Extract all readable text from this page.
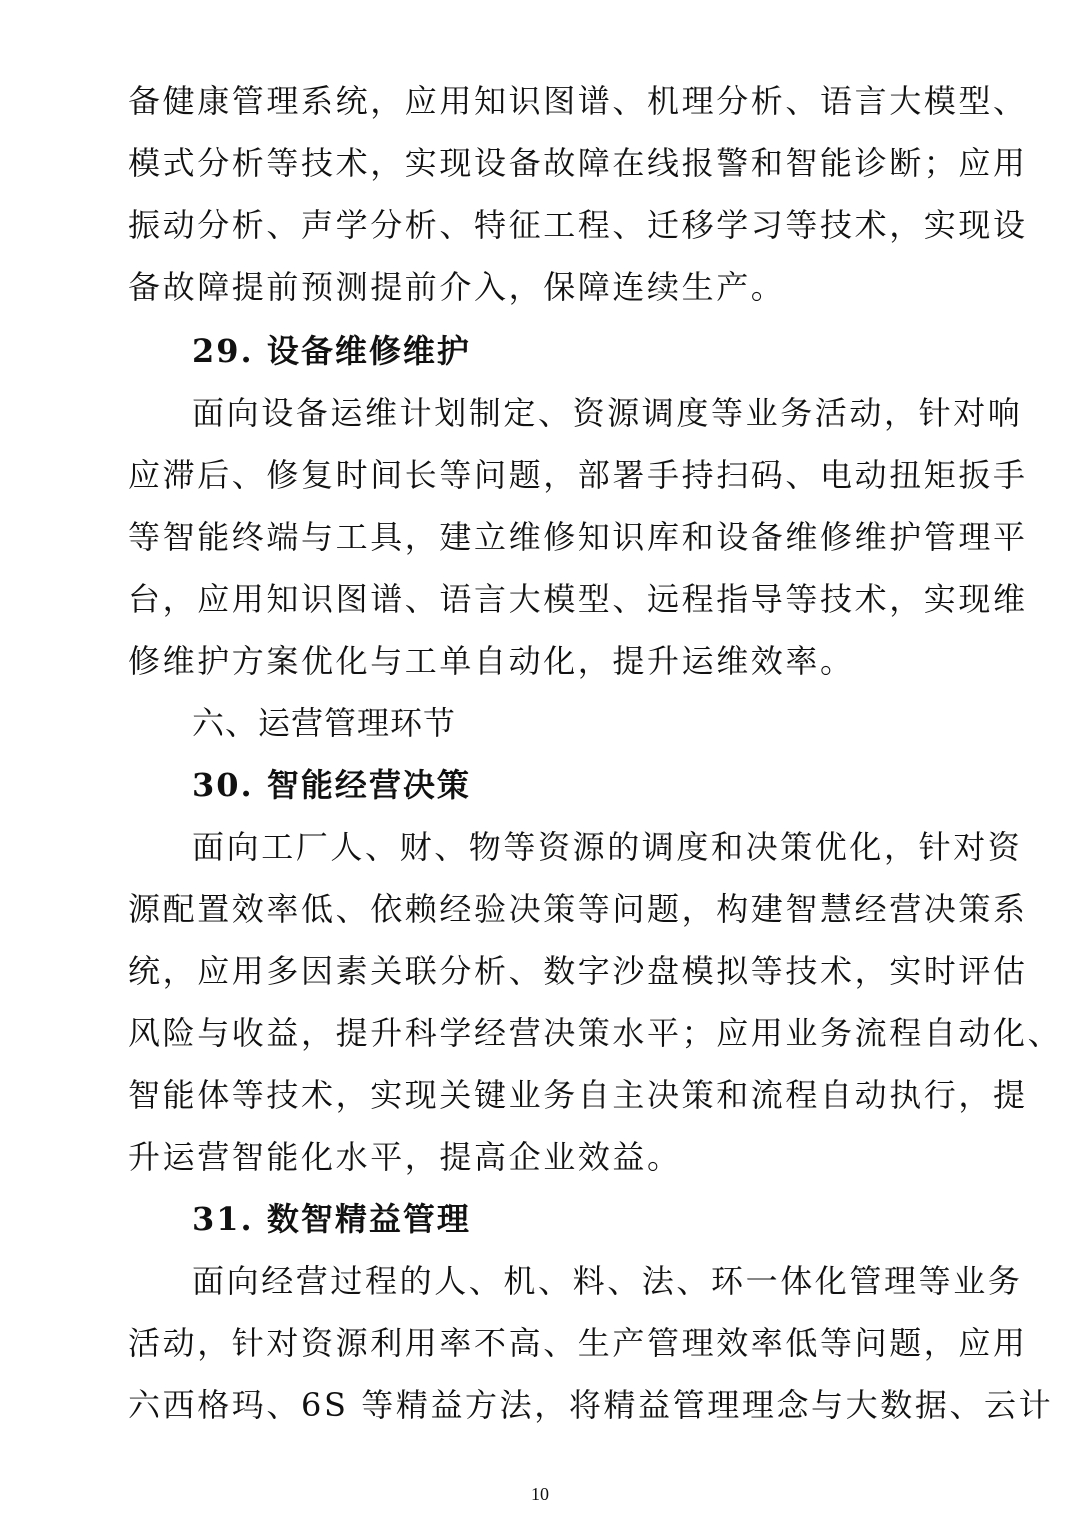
备健康管理系统，应用知识图谱、机理分析、语言大模型、
模式分析等技术，实现设备故障在线报警和智能诊断；应用
振动分析、声学分析、特征工程、迁移学习等技术，实现设
备故障提前预测提前介入，保障连续生产。
29. 设备维修维护
面向设备运维计划制定、资源调度等业务活动，针对响
应滞后、修复时间长等问题，部署手持扫码、电动扭矩扳手
等智能终端与工具，建立维修知识库和设备维修维护管理平
台，应用知识图谱、语言大模型、远程指导等技术，实现维
修维护方案优化与工单自动化，提升运维效率。
六、运营管理环节
30. 智能经营决策
面向工厂人、财、物等资源的调度和决策优化，针对资
源配置效率低、依赖经验决策等问题，构建智慧经营决策系
统，应用多因素关联分析、数字沙盘模拟等技术，实时评估
风险与收益，提升科学经营决策水平；应用业务流程自动化、
智能体等技术，实现关键业务自主决策和流程自动执行，提
升运营智能化水平，提高企业效益。
31. 数智精益管理
面向经营过程的人、机、料、法、环一体化管理等业务
活动，针对资源利用率不高、生产管理效率低等问题，应用
六西格玛、6S 等精益方法，将精益管理理念与大数据、云计
10
